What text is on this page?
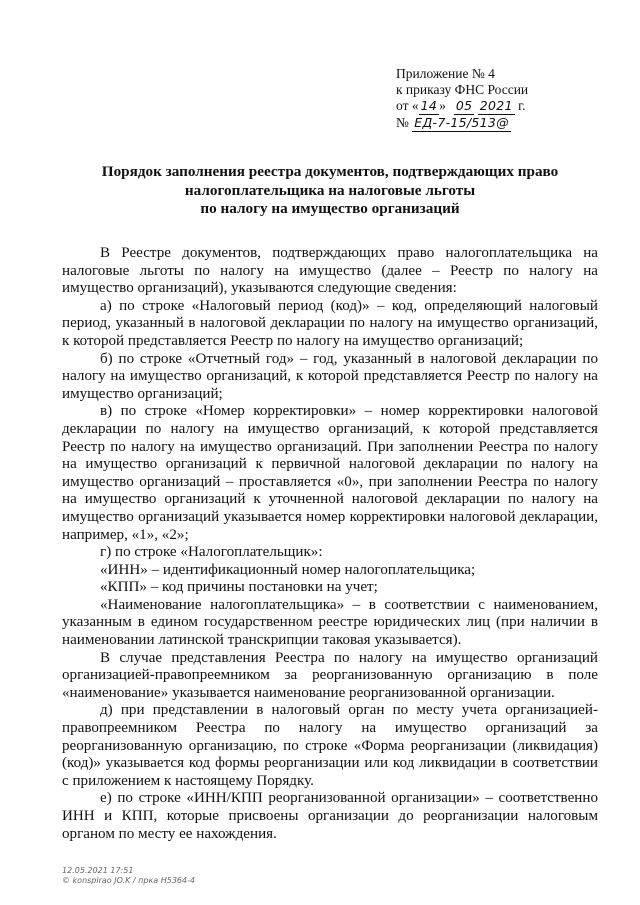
Приложение № 4
к приказу ФНС России
от « 14 » 05 2021 г.
№ ЕД-7-15/513@
Порядок заполнения реестра документов, подтверждающих право
налогоплательщика на налоговые льготы
по налогу на имущество организаций

В Реестре документов, подтверждающих право налогоплательщика на налоговые льготы по налогу на имущество (далее – Реестр по налогу на имущество организаций), указываются следующие сведения:

а) по строке «Налоговый период (код)» – код, определяющий налоговый период, указанный в налоговой декларации по налогу на имущество организаций, к которой представляется Реестр по налогу на имущество организаций;

б) по строке «Отчетный год» – год, указанный в налоговой декларации по налогу на имущество организаций, к которой представляется Реестр по налогу на имущество организаций;

в) по строке «Номер корректировки» – номер корректировки налоговой декларации по налогу на имущество организаций, к которой представляется Реестр по налогу на имущество организаций. При заполнении Реестра по налогу на имущество организаций к первичной налоговой декларации по налогу на имущество организаций – проставляется «0», при заполнении Реестра по налогу на имущество организаций к уточненной налоговой декларации по налогу на имущество организаций указывается номер корректировки налоговой декларации, например, «1», «2»;

г) по строке «Налогоплательщик»:

«ИНН» – идентификационный номер налогоплательщика;

«КПП» – код причины постановки на учет;

«Наименование налогоплательщика» – в соответствии с наименованием, указанным в едином государственном реестре юридических лиц (при наличии в наименовании латинской транскрипции таковая указывается).

В случае представления Реестра по налогу на имущество организаций организацией-правопреемником за реорганизованную организацию в поле «наименование» указывается наименование реорганизованной организации.

д) при представлении в налоговый орган по месту учета организацией-правопреемником Реестра по налогу на имущество организаций за реорганизованную организацию, по строке «Форма реорганизации (ликвидация) (код)» указывается код формы реорганизации или код ликвидации в соответствии с приложением к настоящему Порядку.

е) по строке «ИНН/КПП реорганизованной организации» – соответственно ИНН и КПП, которые присвоены организации до реорганизации налоговым органом по месту ее нахождения.

12.05.2021 17:51
© konsplrao JO.K / прка H5364-4
